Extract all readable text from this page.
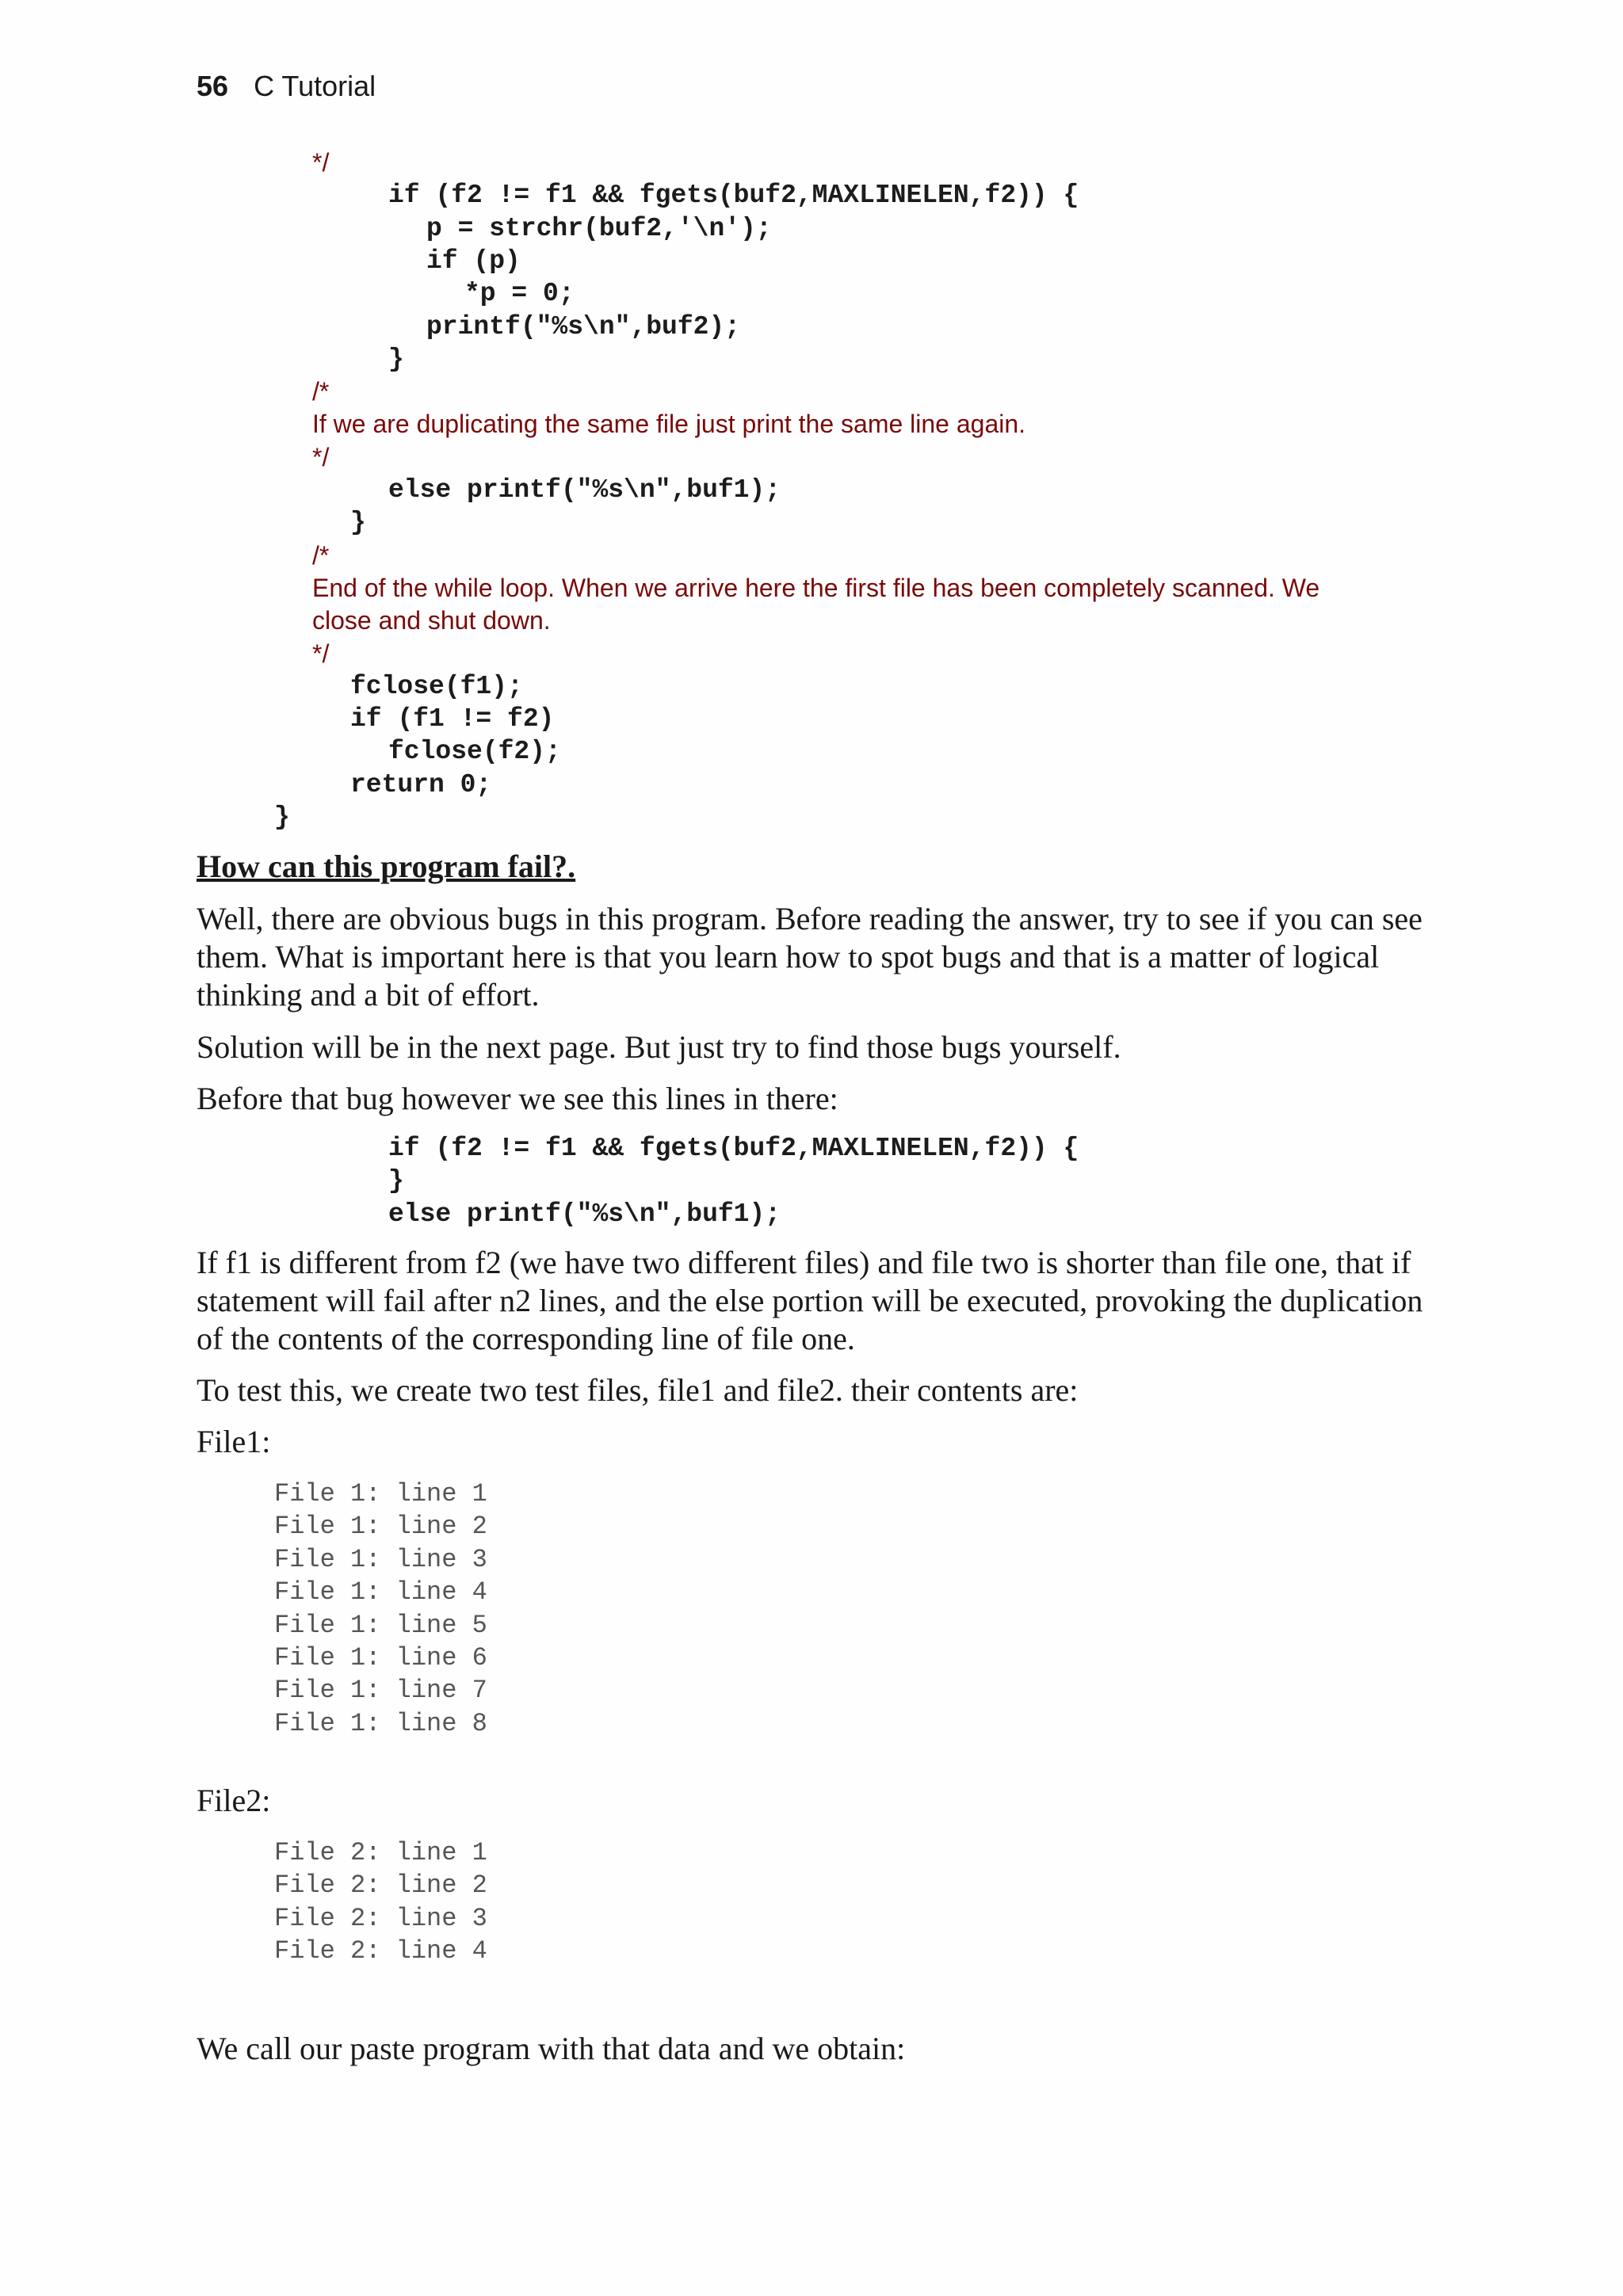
56 C Tutorial
*/
if (f2 != f1 && fgets(buf2,MAXLINELEN,f2)) {
p = strchr(buf2,'\n');
if (p)
*p = 0;
printf("%s\n",buf2);
}
/*
If we are duplicating the same file just print the same line again.
*/
else printf("%s\n",buf1);
}
/*
End of the while loop. When we arrive here the first file has been completely scanned. We
close and shut down.
*/
fclose(f1);
if (f1 != f2)
fclose(f2);
return 0;
}
How can this program fail?.
Well, there are obvious bugs in this program. Before reading the answer, try to see if you can see them. What is important here is that you learn how to spot bugs and that is a matter of logical thinking and a bit of effort.
Solution will be in the next page. But just try to find those bugs yourself.
Before that bug however we see this lines in there:
if (f2 != f1 && fgets(buf2,MAXLINELEN,f2)) {
}
else printf("%s\n",buf1);
If f1 is different from f2 (we have two different files) and file two is shorter than file one, that if statement will fail after n2 lines, and the else portion will be executed, provoking the duplication of the contents of the corresponding line of file one.
To test this, we create two test files, file1 and file2. their contents are:
File1:
File 1: line 1
File 1: line 2
File 1: line 3
File 1: line 4
File 1: line 5
File 1: line 6
File 1: line 7
File 1: line 8
File2:
File 2: line 1
File 2: line 2
File 2: line 3
File 2: line 4
We call our paste program with that data and we obtain:
